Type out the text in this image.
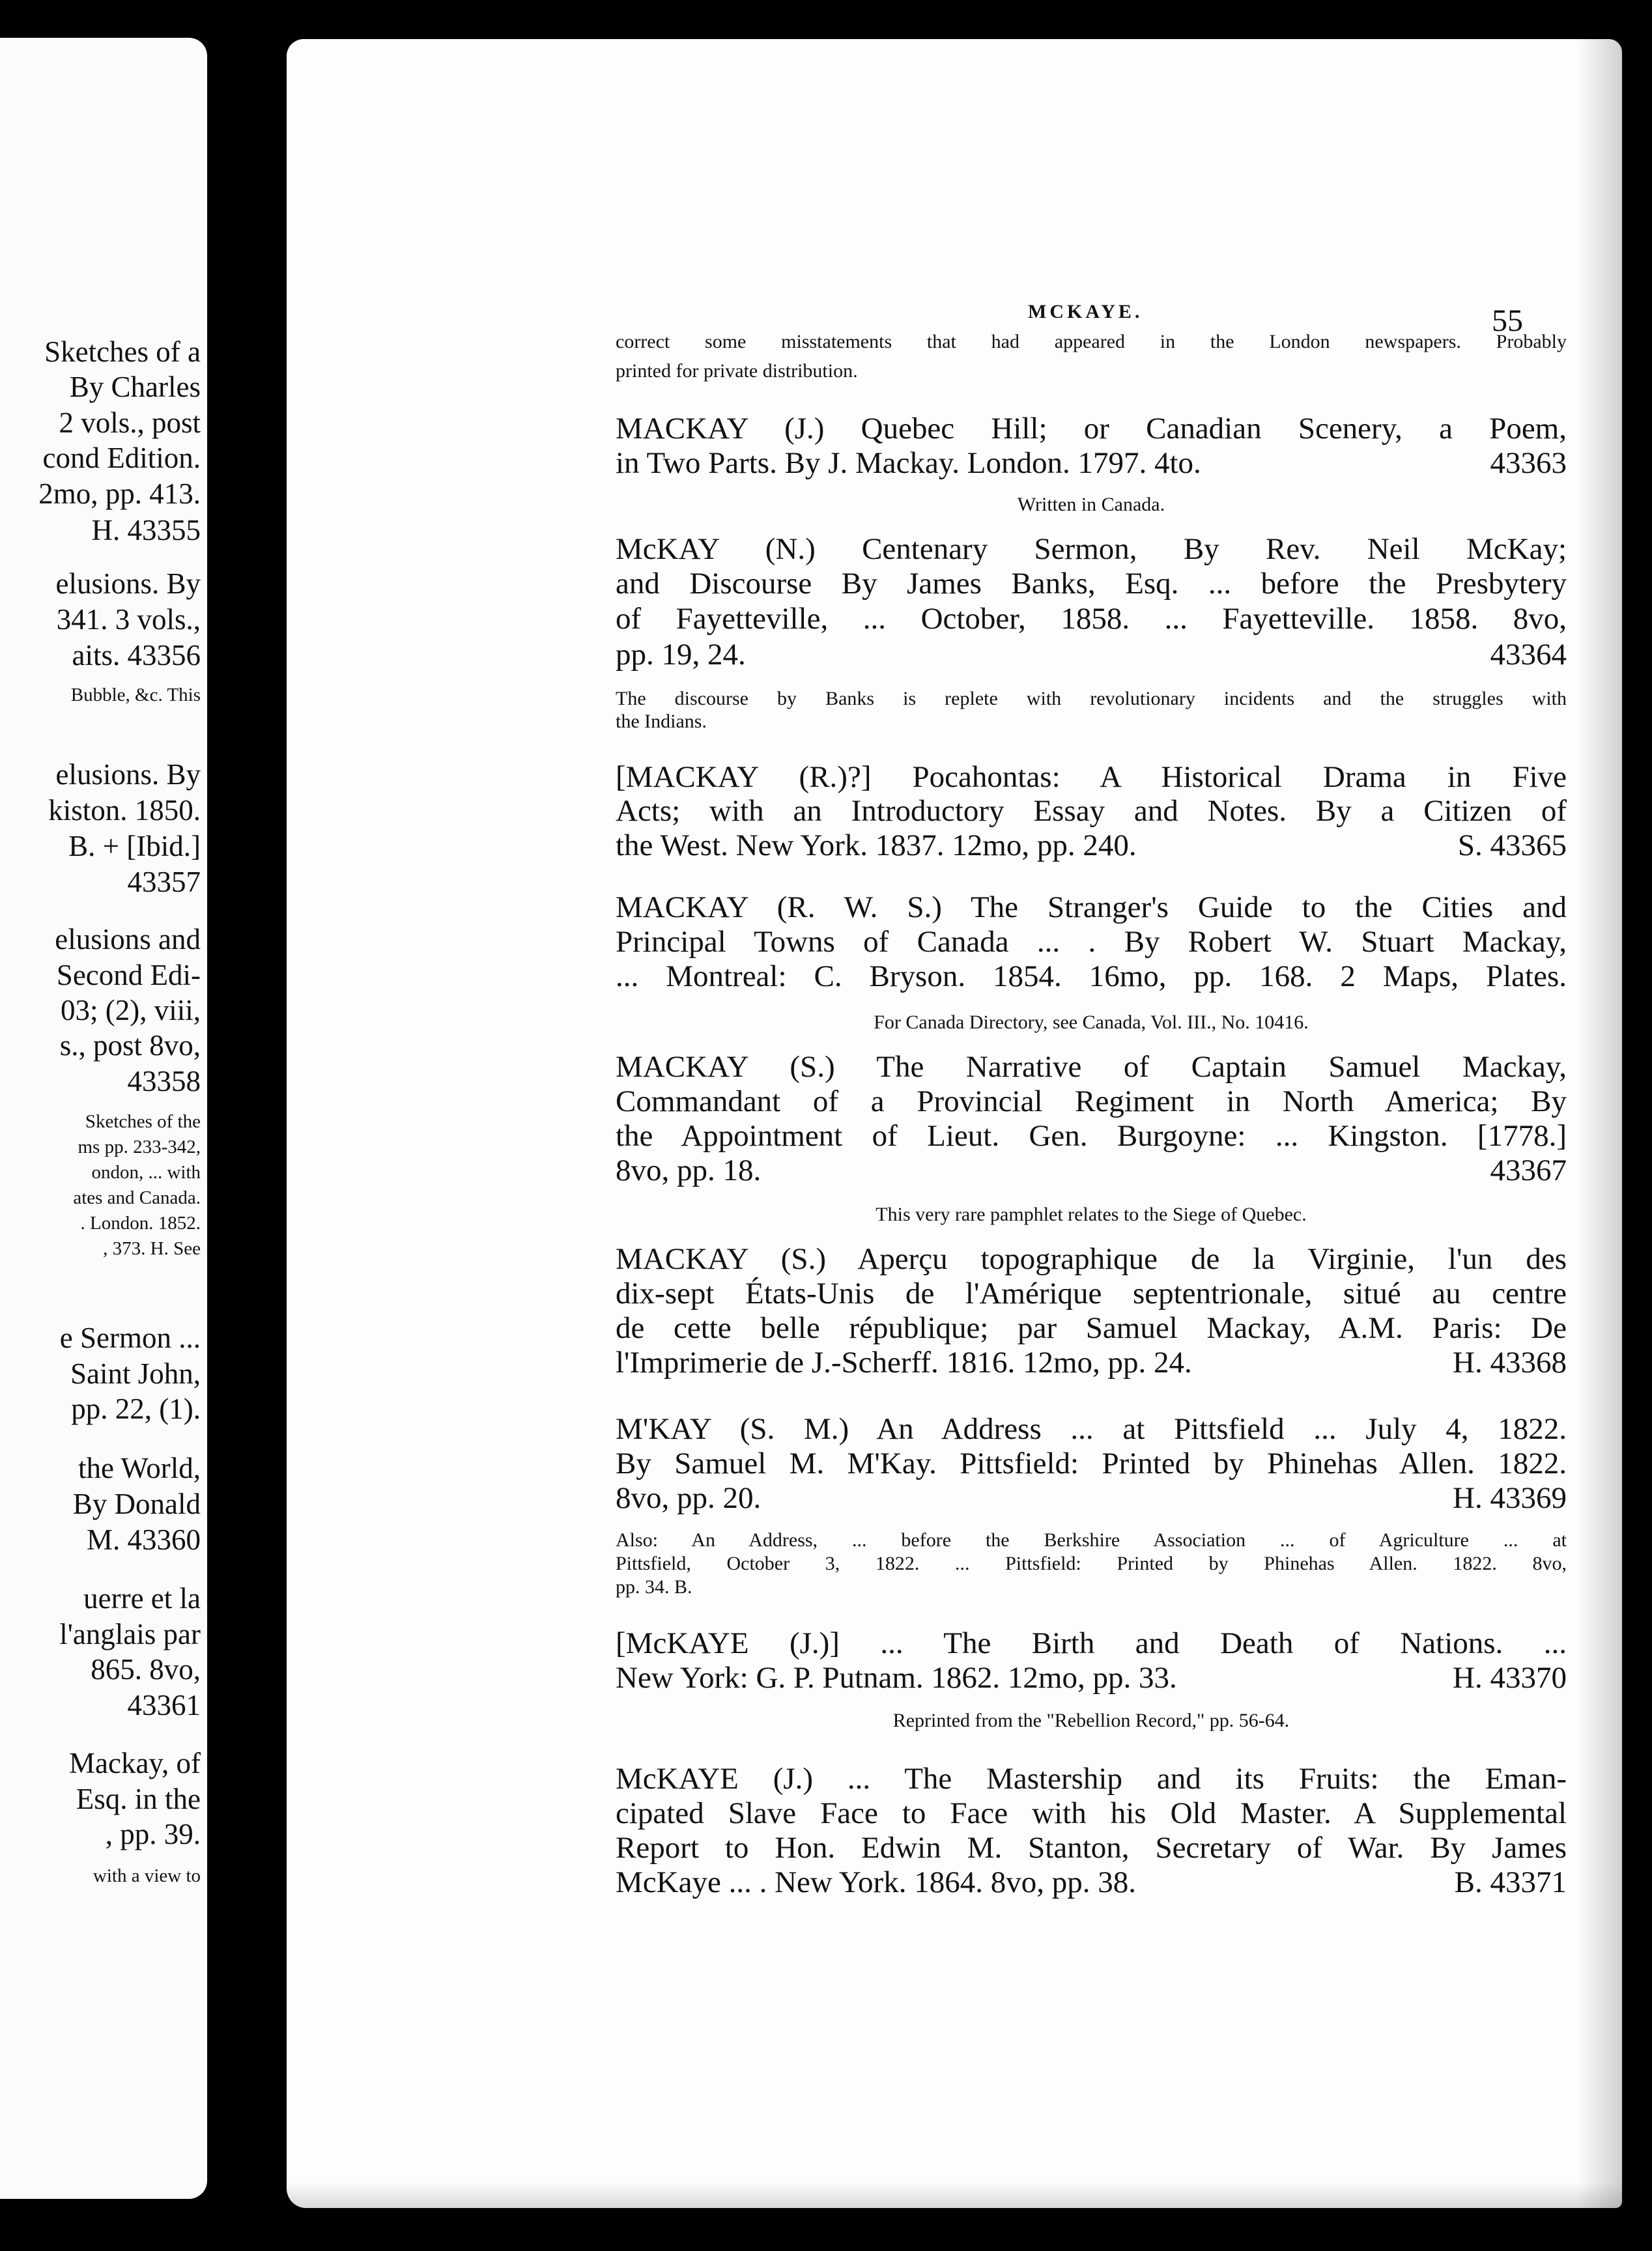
Sketches of a
By Charles
2 vols., post
cond Edition.
2mo, pp. 413.
H. 43355
elusions. By
341. 3 vols.,
aits. 43356
Bubble, &c. This
elusions. By
kiston. 1850.
B. + [Ibid.]
43357
elusions and
Second Edi-
03; (2), viii,
s., post 8vo,
43358
Sketches of the
ms pp. 233-342,
ondon, ... with
ates and Canada.
. London. 1852.
, 373. H. See
e Sermon ...
Saint John,
pp. 22, (1).
the World,
By Donald
M. 43360
uerre et la
l'anglais par
865. 8vo,
43361
Mackay, of
Esq. in the
, pp. 39.
with a view to
MCKAYE.	55
correct some misstatements that had appeared in the London newspapers. Probably
printed for private distribution.
MACKAY (J.) Quebec Hill; or Canadian Scenery, a Poem,
in Two Parts. By J. Mackay. London. 1797. 4to.	43363
Written in Canada.
McKAY (N.) Centenary Sermon, By Rev. Neil McKay;
and Discourse By James Banks, Esq. ... before the Presbytery
of Fayetteville, ... October, 1858. ... Fayetteville. 1858. 8vo,
pp. 19, 24.	43364
The discourse by Banks is replete with revolutionary incidents and the struggles with
the Indians.
[MACKAY (R.)?] Pocahontas: A Historical Drama in Five
Acts; with an Introductory Essay and Notes. By a Citizen of
the West. New York. 1837. 12mo, pp. 240.	S. 43365
MACKAY (R. W. S.) The Stranger's Guide to the Cities and
Principal Towns of Canada ... . By Robert W. Stuart Mackay,
... Montreal: C. Bryson. 1854. 16mo, pp. 168. 2 Maps, Plates.
For Canada Directory, see Canada, Vol. III., No. 10416.
MACKAY (S.) The Narrative of Captain Samuel Mackay,
Commandant of a Provincial Regiment in North America; By
the Appointment of Lieut. Gen. Burgoyne: ... Kingston. [1778.]
8vo, pp. 18.	43367
This very rare pamphlet relates to the Siege of Quebec.
MACKAY (S.) Aperçu topographique de la Virginie, l'un des
dix-sept États-Unis de l'Amérique septentrionale, situé au centre
de cette belle république; par Samuel Mackay, A.M. Paris: De
l'Imprimerie de J.-Scherff. 1816. 12mo, pp. 24.	H. 43368
M'KAY (S. M.) An Address ... at Pittsfield ... July 4, 1822.
By Samuel M. M'Kay. Pittsfield: Printed by Phinehas Allen. 1822.
8vo, pp. 20.	H. 43369
Also: An Address, ... before the Berkshire Association ... of Agriculture ... at
Pittsfield, October 3, 1822. ... Pittsfield: Printed by Phinehas Allen. 1822. 8vo,
pp. 34. B.
[McKAYE (J.)] ... The Birth and Death of Nations. ...
New York: G. P. Putnam. 1862. 12mo, pp. 33.	H. 43370
Reprinted from the "Rebellion Record," pp. 56-64.
McKAYE (J.) ... The Mastership and its Fruits: the Eman-
cipated Slave Face to Face with his Old Master. A Supplemental
Report to Hon. Edwin M. Stanton, Secretary of War. By James
McKaye ... . New York. 1864. 8vo, pp. 38.	B. 43371
